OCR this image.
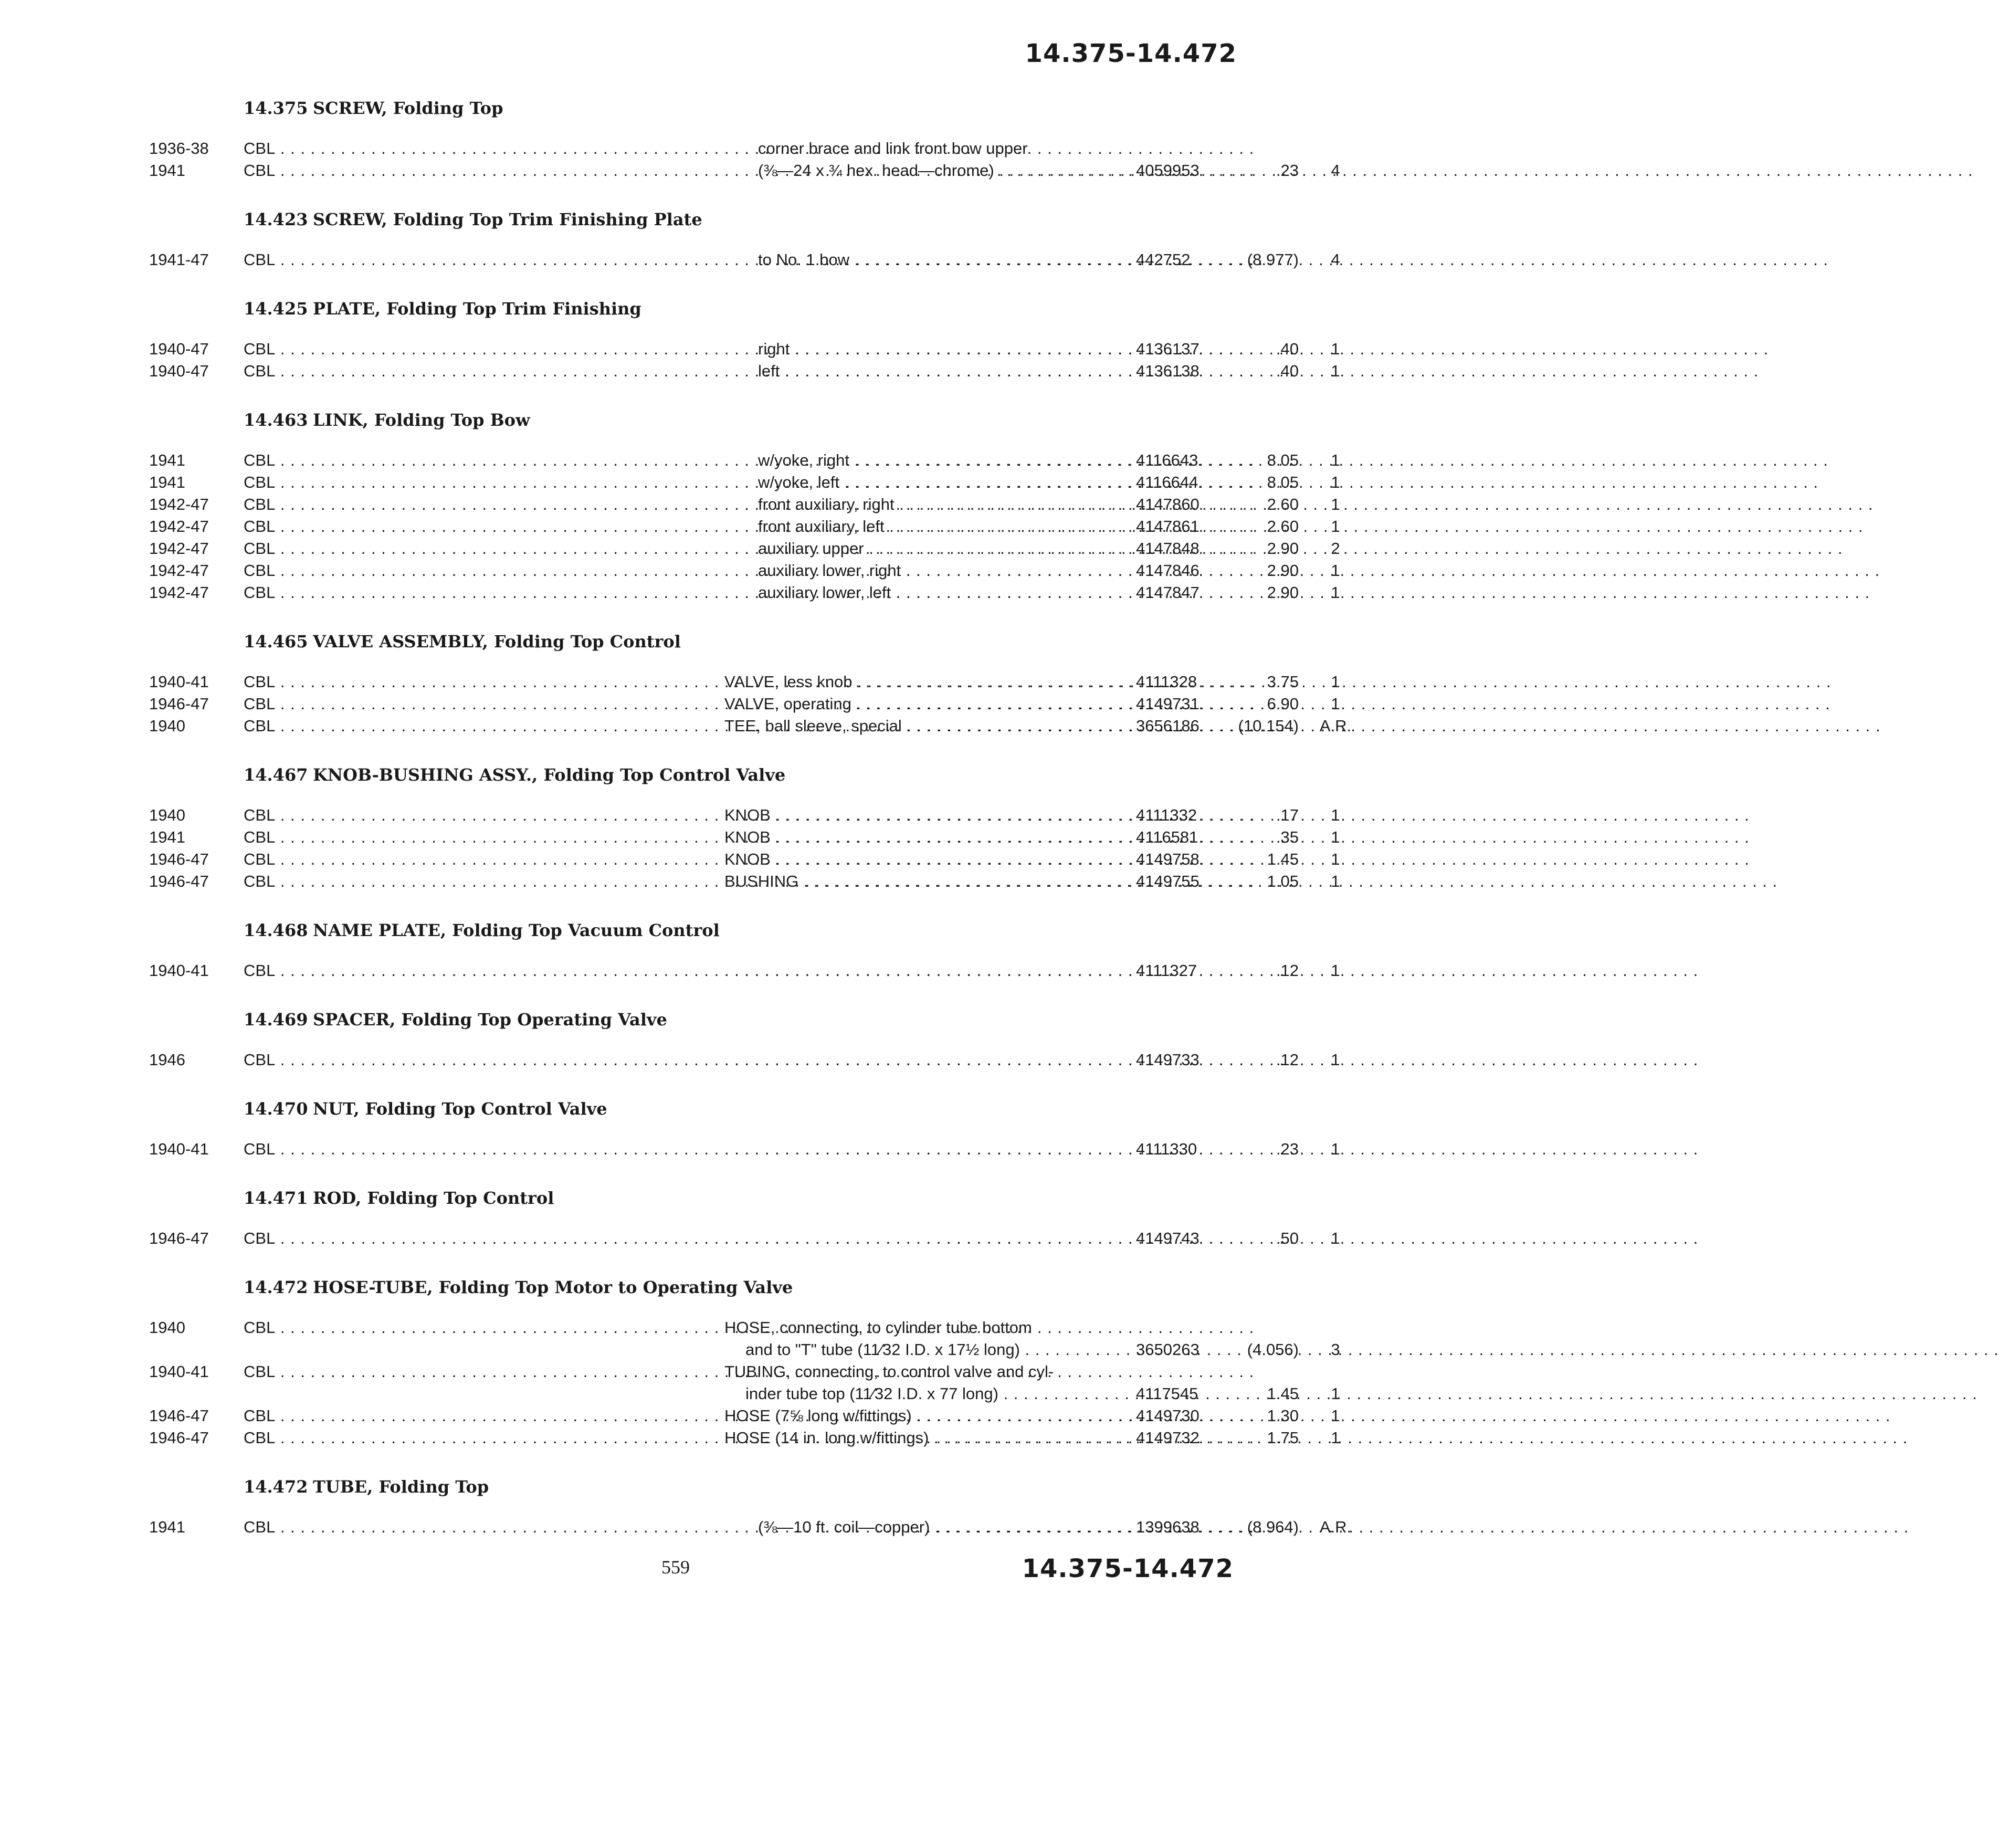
14.375-14.472
14.375 SCREW, Folding Top
1936-38	CBL . . .	corner brace and link front bow upper
1941	CBL . . .	(⅜—24 x ¾ hex. head—chrome) . . .	4059953	.23	4
14.423 SCREW, Folding Top Trim Finishing Plate
1941-47	CBL . . .	to No. 1 bow . . .	442752	(8.977)	4
14.425 PLATE, Folding Top Trim Finishing
1940-47	CBL . . .	right . . .	4136137	.40	1
1940-47	CBL . . .	left . . .	4136138	.40	1
14.463 LINK, Folding Top Bow
1941	CBL . . .	w/yoke, right . . .	4116643	8.05	1
1941	CBL . . .	w/yoke, left . . .	4116644	8.05	1
1942-47	CBL . . .	front auxiliary, right . . .	4147860	2.60	1
1942-47	CBL . . .	front auxiliary, left . . .	4147861	2.60	1
1942-47	CBL . . .	auxiliary upper . . .	4147848	2.90	2
1942-47	CBL . . .	auxiliary lower, right . . .	4147846	2.90	1
1942-47	CBL . . .	auxiliary lower, left . . .	4147847	2.90	1
14.465 VALVE ASSEMBLY, Folding Top Control
1940-41	CBL . . .	VALVE, less knob . . .	4111328	3.75	1
1946-47	CBL . . .	VALVE, operating . . .	4149731	6.90	1
1940	CBL . . .	TEE, ball sleeve, special . . .	3656186	(10.154)	A.R.
14.467 KNOB-BUSHING ASSY., Folding Top Control Valve
1940	CBL . . .	KNOB . . .	4111332	.17	1
1941	CBL . . .	KNOB . . .	4116581	.35	1
1946-47	CBL . . .	KNOB . . .	4149758	1.45	1
1946-47	CBL . . .	BUSHING . . .	4149755	1.05	1
14.468 NAME PLATE, Folding Top Vacuum Control
1940-41	CBL . . . . . .	4111327	.12	1
14.469 SPACER, Folding Top Operating Valve
1946	CBL . . . . . .	4149733	.12	1
14.470 NUT, Folding Top Control Valve
1940-41	CBL . . . . . .	4111330	.23	1
14.471 ROD, Folding Top Control
1946-47	CBL . . . . . .	4149743	.50	1
14.472 HOSE-TUBE, Folding Top Motor to Operating Valve
1940	CBL . . .	HOSE, connecting, to cylinder tube bottom
and to "T" tube (11⁄32 I.D. x 17½ long) . . .	3650263	(4.056)	3
1940-41	CBL . . .	TUBING, connecting, to control valve and cyl-
inder tube top (11⁄32 I.D. x 77 long) . . .	4117545	1.45	1
1946-47	CBL . . .	HOSE (7⅝ long w/fittings) . . .	4149730	1.30	1
1946-47	CBL . . .	HOSE (14 in. long w/fittings) . . .	4149732	1.75	1
14.472 TUBE, Folding Top
1941	CBL . . .	(⅜—10 ft. coil—copper) . . .	1399638	(8.964)	A.R.
559	14.375-14.472
